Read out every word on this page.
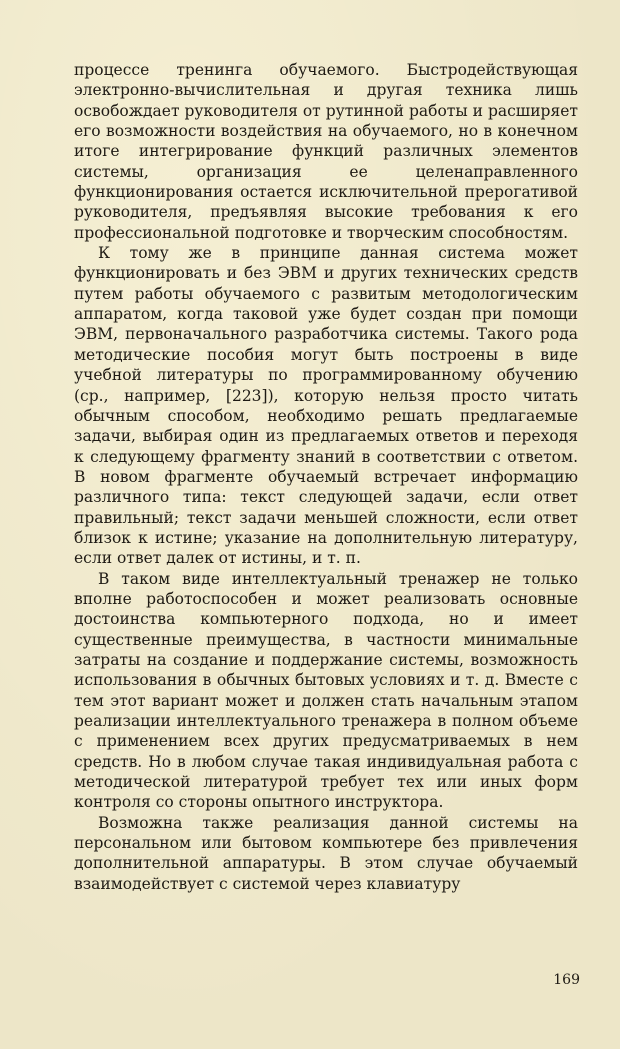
процессе тренинга обучаемого. Быстродействующая электронно-вычислительная и другая техника лишь освобождает руководителя от рутинной работы и расширяет его возможности воздействия на обучаемого, но в конечном итоге интегрирование функций различных элементов системы, организация ее целенаправленного функционирования остается исключительной прерогативой руководителя, предъявляя высокие требования к его профессиональной подготовке и творческим способностям.

К тому же в принципе данная система может функционировать и без ЭВМ и других технических средств путем работы обучаемого с развитым методологическим аппаратом, когда таковой уже будет создан при помощи ЭВМ, первоначального разработчика системы. Такого рода методические пособия могут быть построены в виде учебной литературы по программированному обучению (ср., например, [223]), которую нельзя просто читать обычным способом, необходимо решать предлагаемые задачи, выбирая один из предлагаемых ответов и переходя к следующему фрагменту знаний в соответствии с ответом. В новом фрагменте обучаемый встречает информацию различного типа: текст следующей задачи, если ответ правильный; текст задачи меньшей сложности, если ответ близок к истине; указание на дополнительную литературу, если ответ далек от истины, и т. п.

В таком виде интеллектуальный тренажер не только вполне работоспособен и может реализовать основные достоинства компьютерного подхода, но и имеет существенные преимущества, в частности минимальные затраты на создание и поддержание системы, возможность использования в обычных бытовых условиях и т. д. Вместе с тем этот вариант может и должен стать начальным этапом реализации интеллектуального тренажера в полном объеме с применением всех других предусматриваемых в нем средств. Но в любом случае такая индивидуальная работа с методической литературой требует тех или иных форм контроля со стороны опытного инструктора.

Возможна также реализация данной системы на персональном или бытовом компьютере без привлечения дополнительной аппаратуры. В этом случае обучаемый взаимодействует с системой через клавиатуру

169
